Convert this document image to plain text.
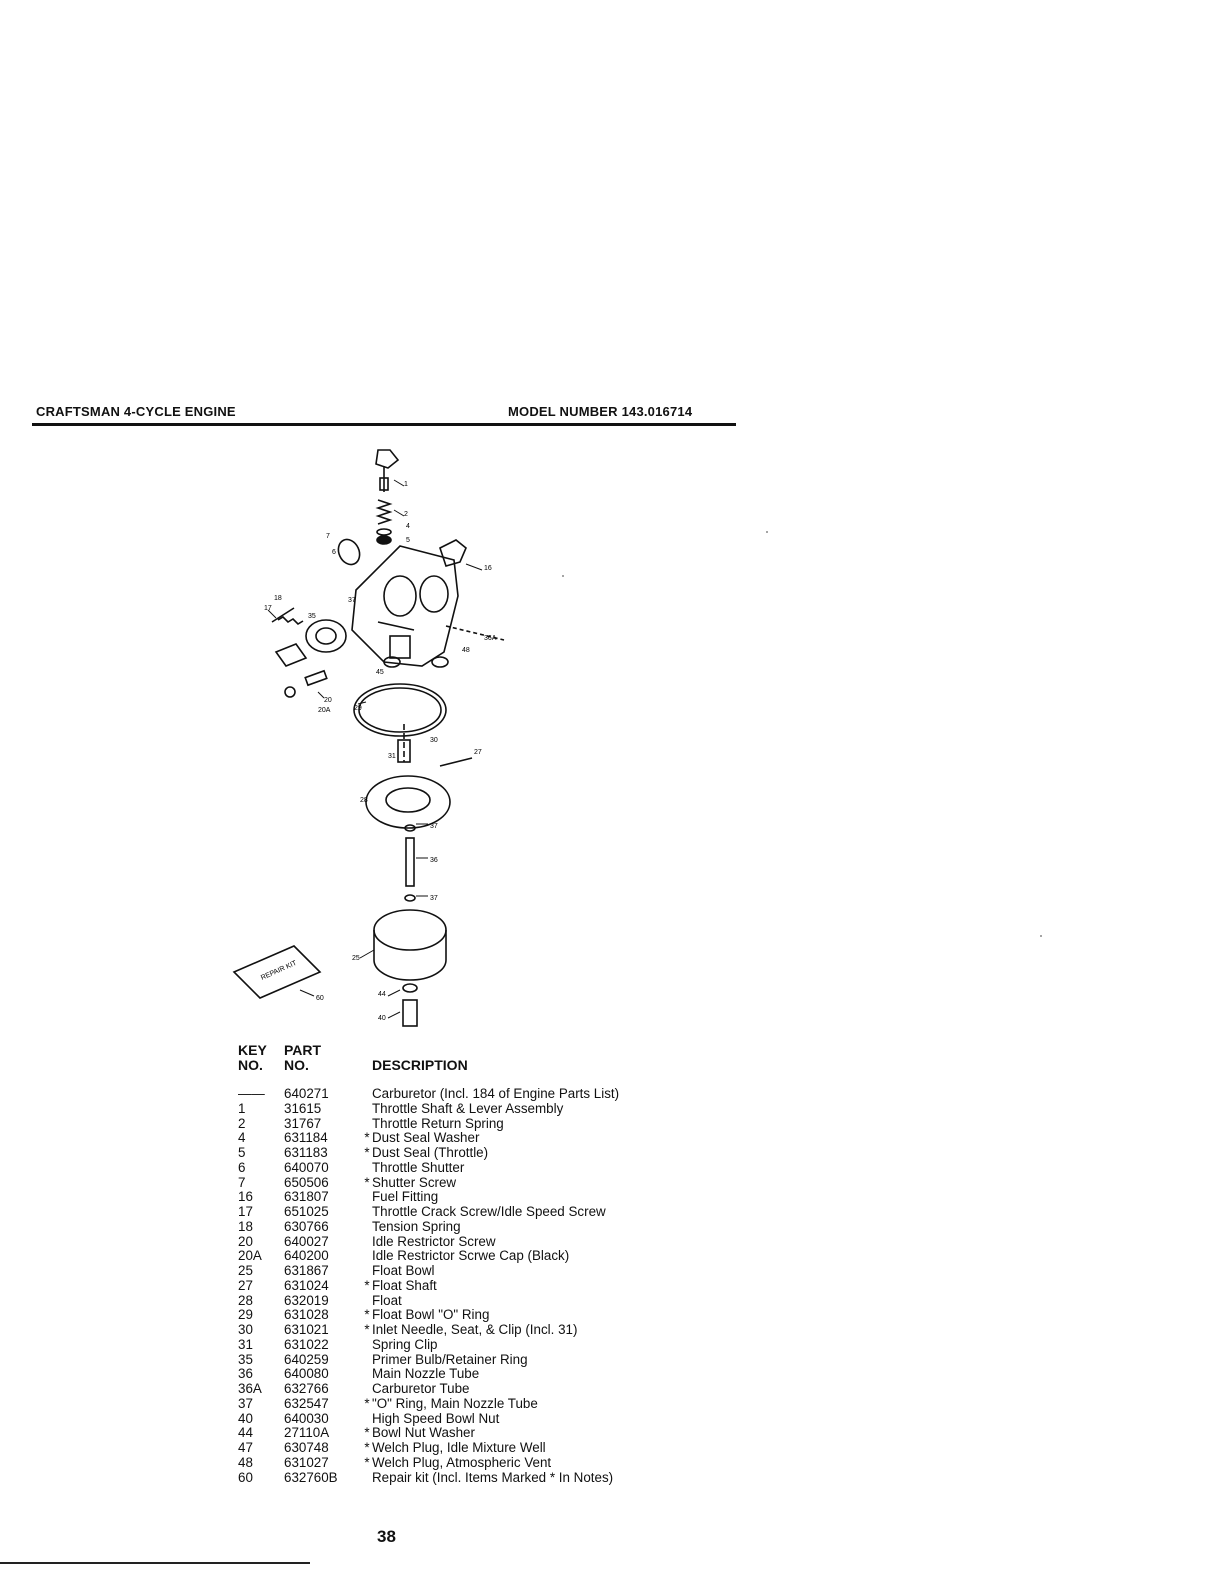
CRAFTSMAN 4-CYCLE ENGINE	MODEL NUMBER 143.016714
1
2
4
5
7
6
16
18
17
35
37
36A
48
45
20
20A	29
30
31
27
28
37
36
37
25
44
40
60
REPAIR KIT
KEY
NO.
PART
NO.	DESCRIPTION
——	640271	Carburetor (Incl. 184 of Engine Parts List)
1	31615	Throttle Shaft & Lever Assembly
2	31767	Throttle Return Spring
4	631184	* Dust Seal Washer
5	631183	* Dust Seal (Throttle)
6	640070	Throttle Shutter
7	650506	* Shutter Screw
16	631807	Fuel Fitting
17	651025	Throttle Crack Screw/Idle Speed Screw
18	630766	Tension Spring
20	640027	Idle Restrictor Screw
20A	640200	Idle Restrictor Scrwe Cap (Black)
25	631867	Float Bowl
27	631024	* Float Shaft
28	632019	Float
29	631028	* Float Bowl "O" Ring
30	631021	* Inlet Needle, Seat, & Clip (Incl. 31)
31	631022	Spring Clip
35	640259	Primer Bulb/Retainer Ring
36	640080	Main Nozzle Tube
36A	632766	Carburetor Tube
37	632547	* "O" Ring, Main Nozzle Tube
40	640030	High Speed Bowl Nut
44	27110A	* Bowl Nut Washer
47	630748	* Welch Plug, Idle Mixture Well
48	631027	* Welch Plug, Atmospheric Vent
60	632760B	Repair kit (Incl. Items Marked * In Notes)
38
